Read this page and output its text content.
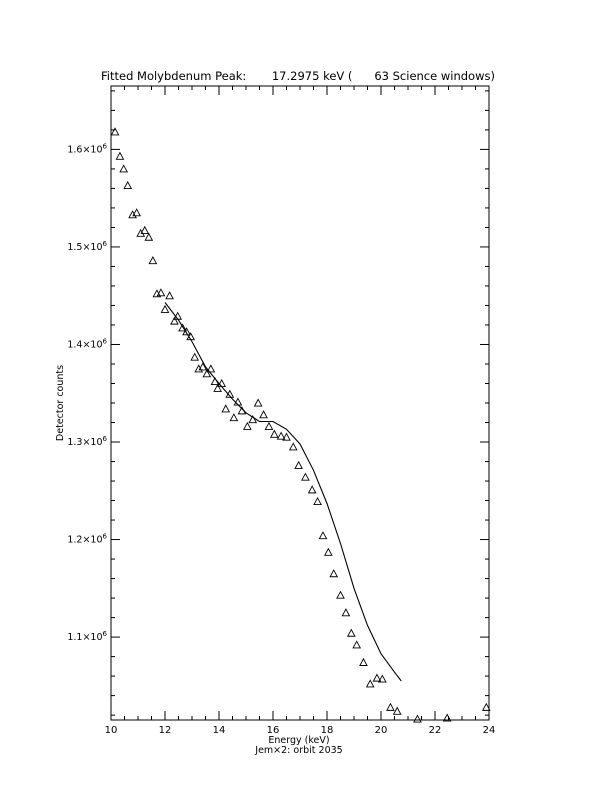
Fitted Molybdenum Peak:       17.2975 keV (      63 Science windows)
10	12	14	16	18	20	22	24
$1.1\times 10^6$
$1.2\times 10^6$
$1.3\times 10^6$
$1.4\times 10^6$
$1.5\times 10^6$
$1.6\times 10^6$
Energy (keV)
Jem×2: orbit 2035
Detector counts
